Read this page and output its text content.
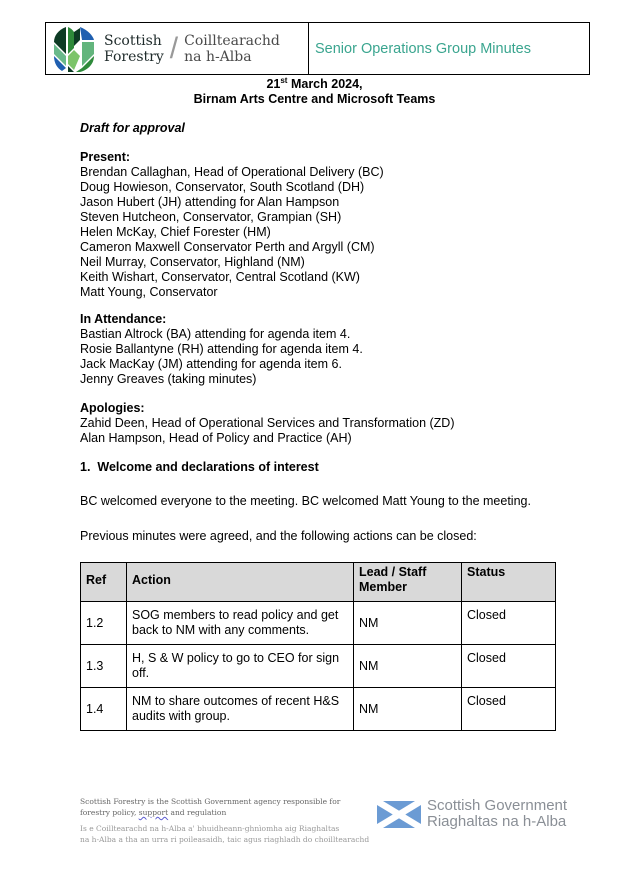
Scottish
Forestry / Coilltearachd
na h-Alba	Senior Operations Group Minutes
21st March 2024,
Birnam Arts Centre and Microsoft Teams
Draft for approval
Present:
Brendan Callaghan, Head of Operational Delivery (BC)
Doug Howieson, Conservator, South Scotland (DH)
Jason Hubert (JH) attending for Alan Hampson
Steven Hutcheon, Conservator, Grampian (SH)
Helen McKay, Chief Forester (HM)
Cameron Maxwell Conservator Perth and Argyll (CM)
Neil Murray, Conservator, Highland (NM)
Keith Wishart, Conservator, Central Scotland (KW)
Matt Young, Conservator
In Attendance:
Bastian Altrock (BA) attending for agenda item 4.
Rosie Ballantyne (RH) attending for agenda item 4.
Jack MacKay (JM) attending for agenda item 6.
Jenny Greaves (taking minutes)
Apologies:
Zahid Deen, Head of Operational Services and Transformation (ZD)
Alan Hampson, Head of Policy and Practice (AH)
1. Welcome and declarations of interest
BC welcomed everyone to the meeting. BC welcomed Matt Young to the meeting.
Previous minutes were agreed, and the following actions can be closed:
Ref	Action	Lead / Staff Member	Status
1.2	SOG members to read policy and get back to NM with any comments.	NM	Closed
1.3	H, S & W policy to go to CEO for sign off.	NM	Closed
1.4	NM to share outcomes of recent H&S audits with group.	NM	Closed
Scottish Forestry is the Scottish Government agency responsible for
forestry policy, support and regulation
Is e Coilltearachd na h-Alba a' bhuidheann-ghnìomha aig Riaghaltas
na h-Alba a tha an urra ri poileasaidh, taic agus riaghladh do choilltearachd
Scottish Government
Riaghaltas na h-Alba
